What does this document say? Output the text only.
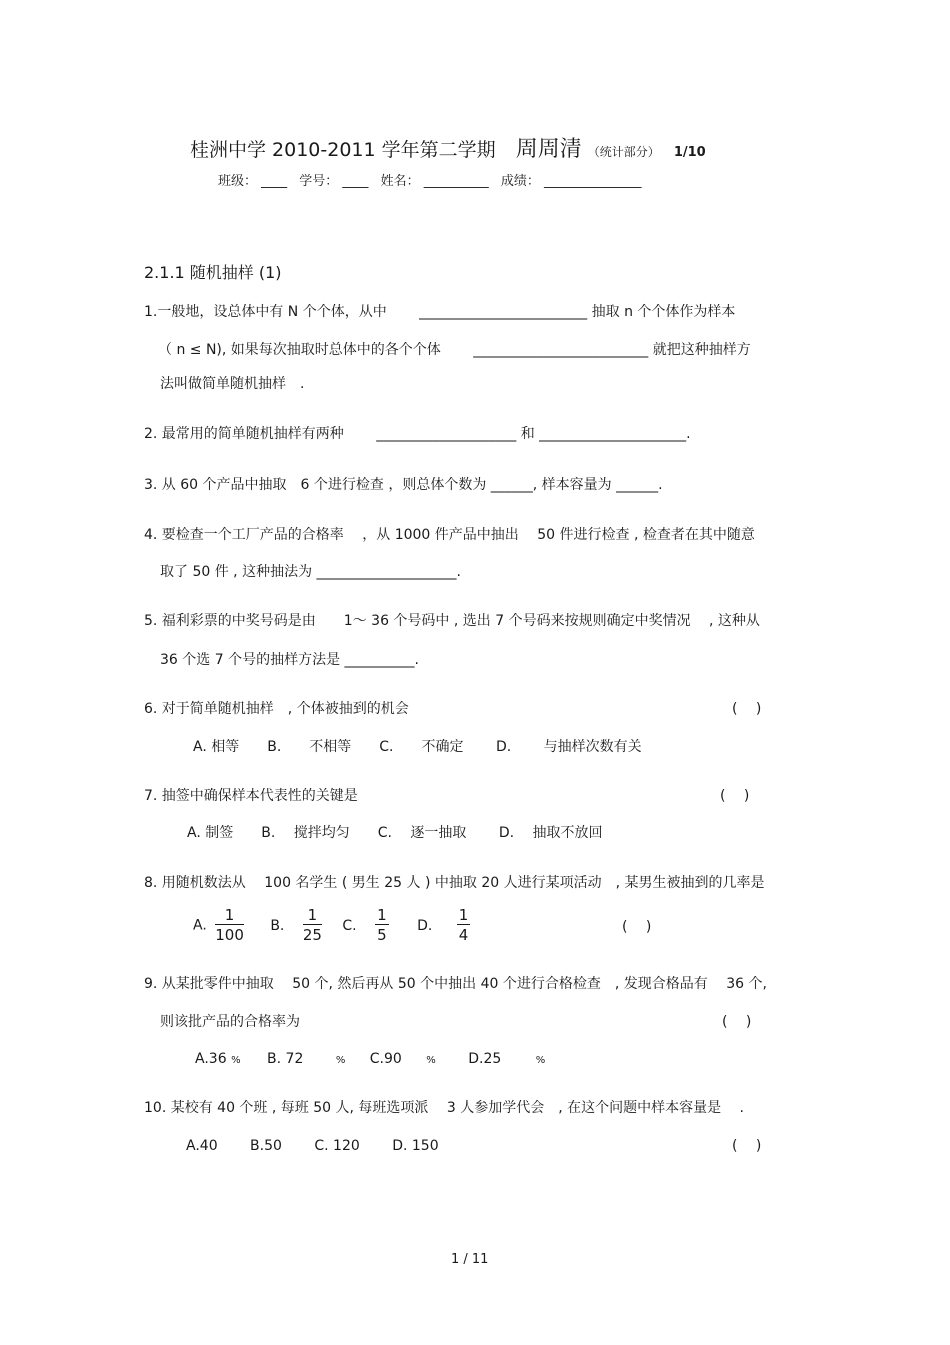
桂洲中学 2010-2011 学年第二学期 周周清 （统计部分） 1/10
班级： ____ 学号： ____ 姓名： __________ 成绩： _______________
2.1.1 随机抽样 (1)
1.一般地，设总体中有 N 个个体，从中　　 ________________________ 抽取 n 个个体作为样本
（ n ≤ N), 如果每次抽取时总体中的各个个体　　 _________________________ 就把这种抽样方
法叫做简单随机抽样　.
2. 最常用的简单随机抽样有两种　　 ____________________ 和 _____________________.
3. 从 60 个产品中抽取　6 个进行检查 ，则总体个数为 ______, 样本容量为 ______.
4. 要检查一个工厂产品的合格率　 ，从 1000 件产品中抽出　 50 件进行检查 , 检查者在其中随意
取了 50 件 , 这种抽法为 ____________________.
5. 福利彩票的中奖号码是由　　1～ 36 个号码中 , 选出 7 个号码来按规则确定中奖情况　 , 这种从
36 个选 7 个号的抽样方法是 __________.
6. 对于简单随机抽样　, 个体被抽到的机会	(　 )
A. 相等　　B.　　不相等　　C.　　不确定　　 D.　　 与抽样次数有关
7. 抽签中确保样本代表性的关键是	(　 )
A. 制签　　B.　 搅拌均匀　　C.　 逐一抽取　　 D.　 抽取不放回
8. 用随机数法从　 100 名学生 ( 男生 25 人 ) 中抽取 20 人进行某项活动　, 某男生被抽到的几率是
A. $\frac{1}{100} B$. $\frac{1}{25} C$. $\frac{1}{5} D$. $\frac{1}{4}$	(　 )
9. 从某批零件中抽取　 50 个, 然后再从 50 个中抽出 40 个进行合格检查　, 发现合格品有　 36 个,
则该批产品的合格率为	(　 )
A.36 % B. 72	% C.90 % D.25	%
10. 某校有 40 个班 , 每班 50 人, 每班选项派　 3 人参加学代会　, 在这个问题中样本容量是　 .
A.40　　 B.50　　 C. 120　　 D. 150	(　 )
1 / 11
